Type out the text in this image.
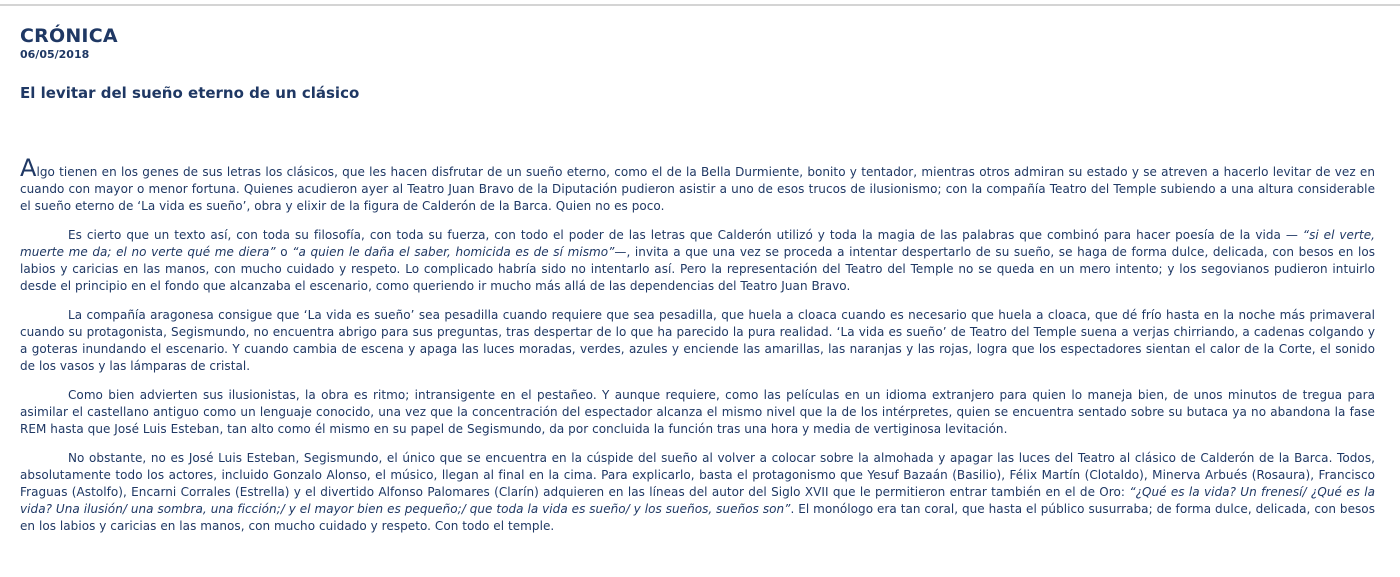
CRÓNICA
06/05/2018
El levitar del sueño eterno de un clásico

Algo tienen en los genes de sus letras los clásicos, que les hacen disfrutar de un sueño eterno, como el de la Bella Durmiente, bonito y tentador, mientras otros admiran su estado y se atreven a hacerlo levitar de vez en cuando con mayor o menor fortuna. Quienes acudieron ayer al Teatro Juan Bravo de la Diputación pudieron asistir a uno de esos trucos de ilusionismo; con la compañía Teatro del Temple subiendo a una altura considerable el sueño eterno de ‘La vida es sueño’, obra y elixir de la figura de Calderón de la Barca. Quien no es poco.

Es cierto que un texto así, con toda su filosofía, con toda su fuerza, con todo el poder de las letras que Calderón utilizó y toda la magia de las palabras que combinó para hacer poesía de la vida — “si el verte, muerte me da; el no verte qué me diera” o “a quien le daña el saber, homicida es de sí mismo”—, invita a que una vez se proceda a intentar despertarlo de su sueño, se haga de forma dulce, delicada, con besos en los labios y caricias en las manos, con mucho cuidado y respeto. Lo complicado habría sido no intentarlo así. Pero la representación del Teatro del Temple no se queda en un mero intento; y los segovianos pudieron intuirlo desde el principio en el fondo que alcanzaba el escenario, como queriendo ir mucho más allá de las dependencias del Teatro Juan Bravo.

La compañía aragonesa consigue que ‘La vida es sueño’ sea pesadilla cuando requiere que sea pesadilla, que huela a cloaca cuando es necesario que huela a cloaca, que dé frío hasta en la noche más primaveral cuando su protagonista, Segismundo, no encuentra abrigo para sus preguntas, tras despertar de lo que ha parecido la pura realidad. ‘La vida es sueño’ de Teatro del Temple suena a verjas chirriando, a cadenas colgando y a goteras inundando el escenario. Y cuando cambia de escena y apaga las luces moradas, verdes, azules y enciende las amarillas, las naranjas y las rojas, logra que los espectadores sientan el calor de la Corte, el sonido de los vasos y las lámparas de cristal.

Como bien advierten sus ilusionistas, la obra es ritmo; intransigente en el pestañeo. Y aunque requiere, como las películas en un idioma extranjero para quien lo maneja bien, de unos minutos de tregua para asimilar el castellano antiguo como un lenguaje conocido, una vez que la concentración del espectador alcanza el mismo nivel que la de los intérpretes, quien se encuentra sentado sobre su butaca ya no abandona la fase REM hasta que José Luis Esteban, tan alto como él mismo en su papel de Segismundo, da por concluida la función tras una hora y media de vertiginosa levitación.

No obstante, no es José Luis Esteban, Segismundo, el único que se encuentra en la cúspide del sueño al volver a colocar sobre la almohada y apagar las luces del Teatro al clásico de Calderón de la Barca. Todos, absolutamente todo los actores, incluido Gonzalo Alonso, el músico, llegan al final en la cima. Para explicarlo, basta el protagonismo que Yesuf Bazaán (Basilio), Félix Martín (Clotaldo), Minerva Arbués (Rosaura), Francisco Fraguas (Astolfo), Encarni Corrales (Estrella) y el divertido Alfonso Palomares (Clarín) adquieren en las líneas del autor del Siglo XVII que le permitieron entrar también en el de Oro: “¿Qué es la vida? Un frenesí/ ¿Qué es la vida? Una ilusión/ una sombra, una ficción;/ y el mayor bien es pequeño;/ que toda la vida es sueño/ y los sueños, sueños son”. El monólogo era tan coral, que hasta el público susurraba; de forma dulce, delicada, con besos en los labios y caricias en las manos, con mucho cuidado y respeto. Con todo el temple.
